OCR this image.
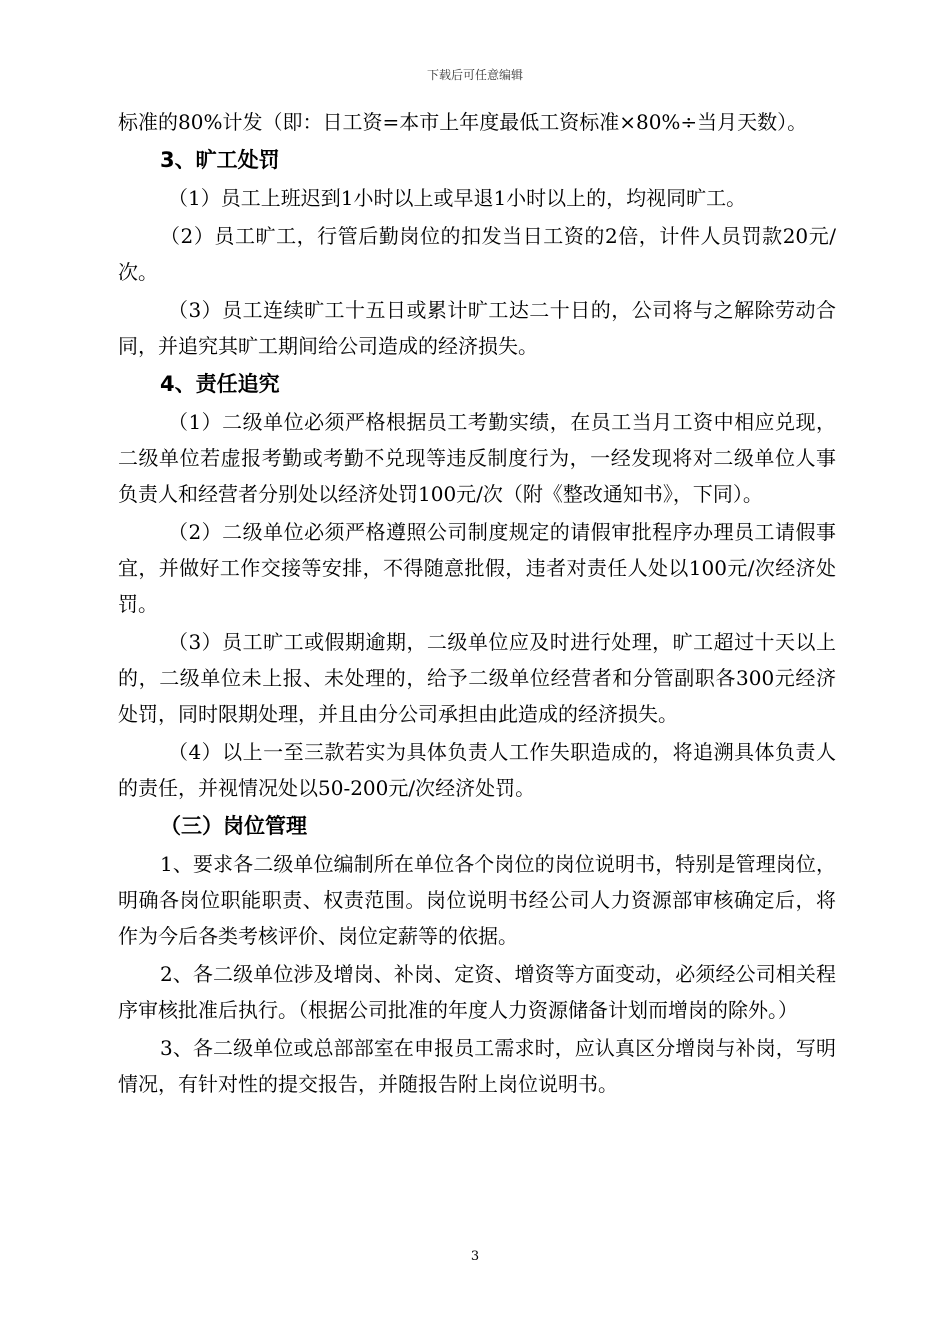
下载后可任意编辑

标准的80%计发（即：日工资=本市上年度最低工资标准×80%÷当月天数）。

3、旷工处罚

（1）员工上班迟到1小时以上或早退1小时以上的，均视同旷工。

（2）员工旷工，行管后勤岗位的扣发当日工资的2倍，计件人员罚款20元/次。

（3）员工连续旷工十五日或累计旷工达二十日的，公司将与之解除劳动合同，并追究其旷工期间给公司造成的经济损失。

4、责任追究

（1）二级单位必须严格根据员工考勤实绩，在员工当月工资中相应兑现，二级单位若虚报考勤或考勤不兑现等违反制度行为，一经发现将对二级单位人事负责人和经营者分别处以经济处罚100元/次（附《整改通知书》，下同）。

（2）二级单位必须严格遵照公司制度规定的请假审批程序办理员工请假事宜，并做好工作交接等安排，不得随意批假，违者对责任人处以100元/次经济处罚。

（3）员工旷工或假期逾期，二级单位应及时进行处理，旷工超过十天以上的，二级单位未上报、未处理的，给予二级单位经营者和分管副职各300元经济处罚，同时限期处理，并且由分公司承担由此造成的经济损失。

（4）以上一至三款若实为具体负责人工作失职造成的，将追溯具体负责人的责任，并视情况处以50-200元/次经济处罚。

（三）岗位管理

1、要求各二级单位编制所在单位各个岗位的岗位说明书，特别是管理岗位，明确各岗位职能职责、权责范围。岗位说明书经公司人力资源部审核确定后，将作为今后各类考核评价、岗位定薪等的依据。

2、各二级单位涉及增岗、补岗、定资、增资等方面变动，必须经公司相关程序审核批准后执行。（根据公司批准的年度人力资源储备计划而增岗的除外。）

3、各二级单位或总部部室在申报员工需求时，应认真区分增岗与补岗，写明情况，有针对性的提交报告，并随报告附上岗位说明书。

3
